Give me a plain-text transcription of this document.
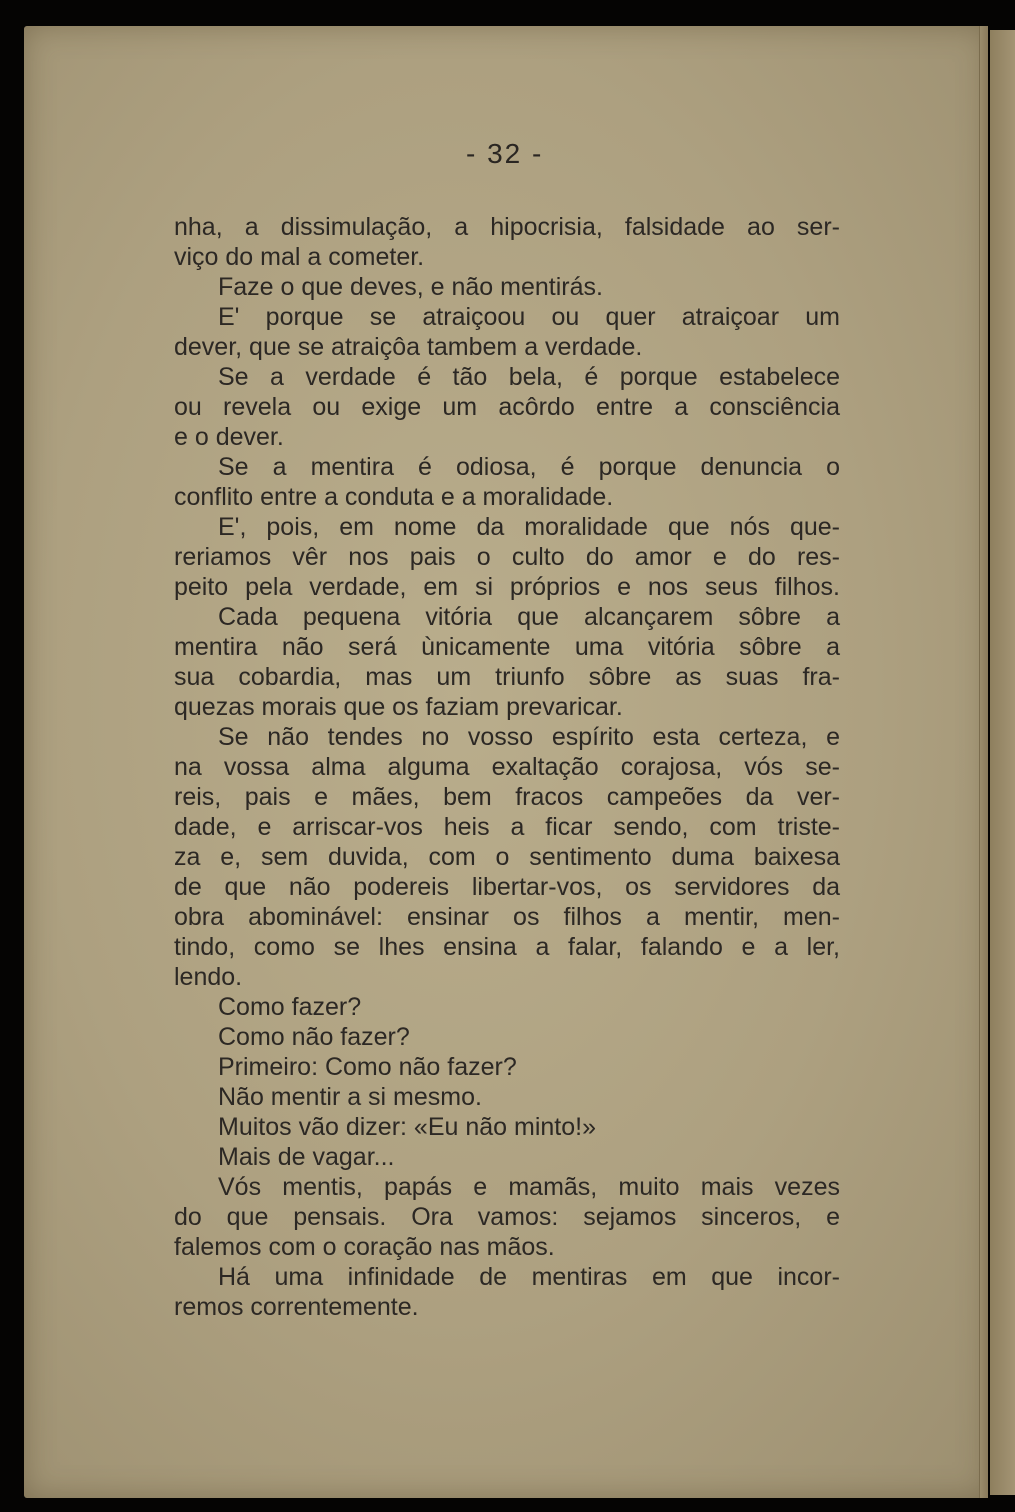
- 32 -
nha, a dissimulação, a hipocrisia, falsidade ao ser-
viço do mal a cometer.
Faze o que deves, e não mentirás.
E' porque se atraiçoou ou quer atraiçoar um
dever, que se atraiçôa tambem a verdade.
Se a verdade é tão bela, é porque estabelece
ou revela ou exige um acôrdo entre a consciência
e o dever.
Se a mentira é odiosa, é porque denuncia o
conflito entre a conduta e a moralidade.
E', pois, em nome da moralidade que nós que-
reriamos vêr nos pais o culto do amor e do res-
peito pela verdade, em si próprios e nos seus filhos.
Cada pequena vitória que alcançarem sôbre a
mentira não será ùnicamente uma vitória sôbre a
sua cobardia, mas um triunfo sôbre as suas fra-
quezas morais que os faziam prevaricar.
Se não tendes no vosso espírito esta certeza, e
na vossa alma alguma exaltação corajosa, vós se-
reis, pais e mães, bem fracos campeões da ver-
dade, e arriscar-vos heis a ficar sendo, com triste-
za e, sem duvida, com o sentimento duma baixesa
de que não podereis libertar-vos, os servidores da
obra abominável: ensinar os filhos a mentir, men-
tindo, como se lhes ensina a falar, falando e a ler,
lendo.
Como fazer?
Como não fazer?
Primeiro: Como não fazer?
Não mentir a si mesmo.
Muitos vão dizer: «Eu não minto!»
Mais de vagar...
Vós mentis, papás e mamãs, muito mais vezes
do que pensais. Ora vamos: sejamos sinceros, e
falemos com o coração nas mãos.
Há uma infinidade de mentiras em que incor-
remos correntemente.
